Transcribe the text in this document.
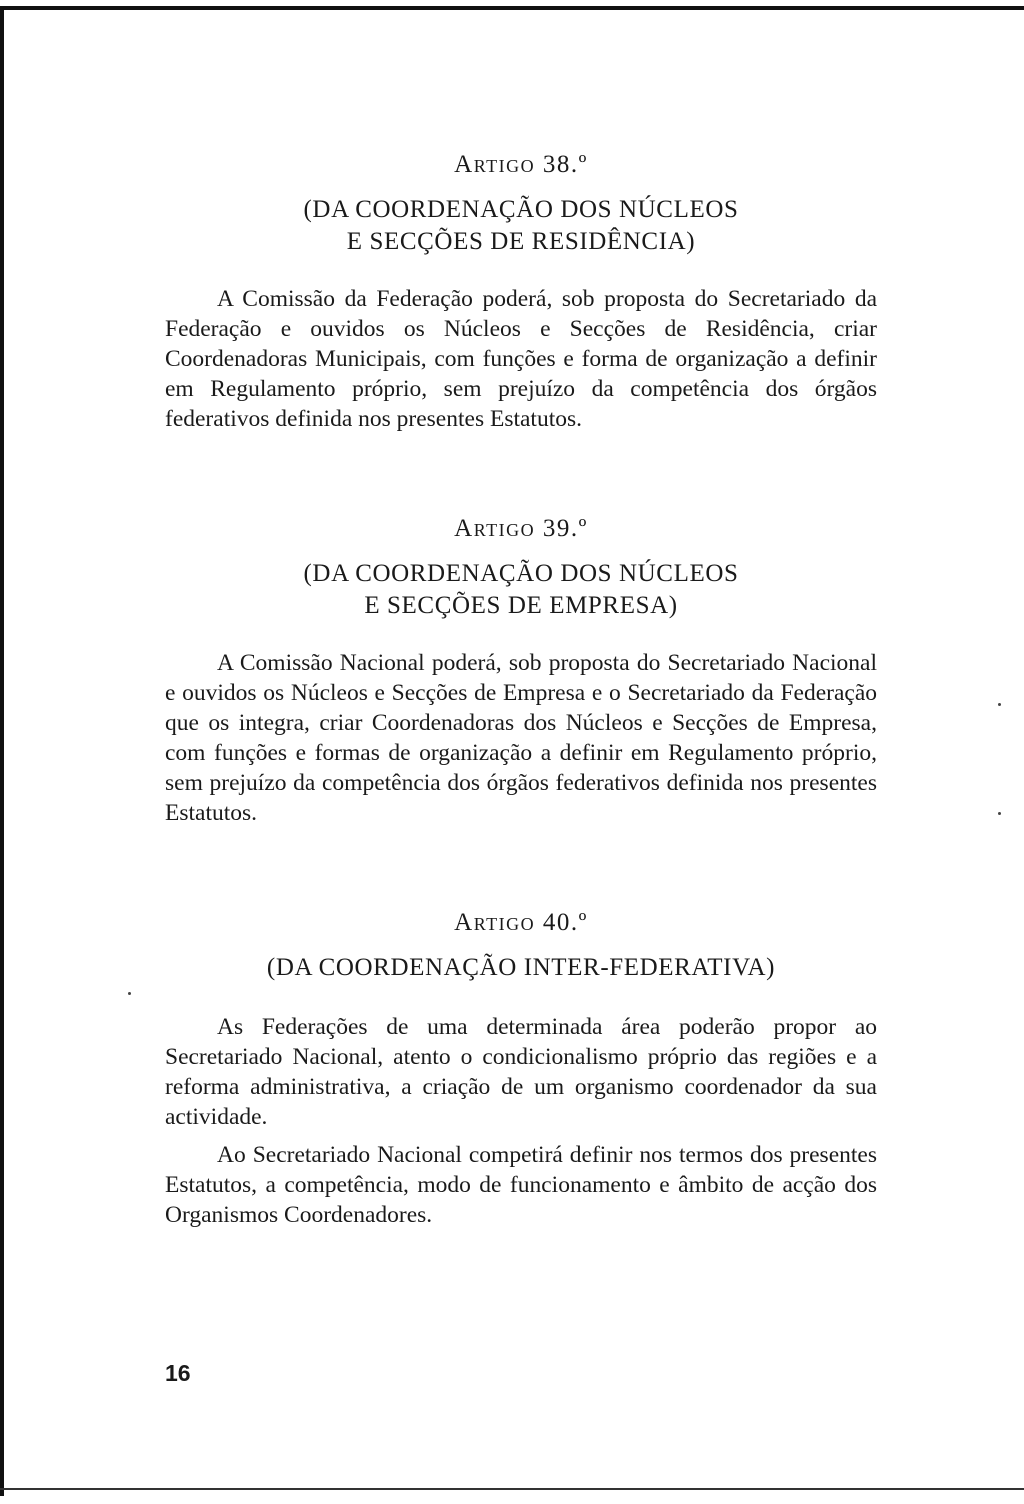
Artigo 38.º

(DA COORDENAÇÃO DOS NÚCLEOS
E SECÇÕES DE RESIDÊNCIA)

A Comissão da Federação poderá, sob proposta do Secretariado da Federação e ouvidos os Núcleos e Secções de Residência, criar Coordenadoras Municipais, com funções e forma de organização a definir em Regulamento próprio, sem prejuízo da competência dos órgãos federativos definida nos presentes Estatutos.

Artigo 39.º

(DA COORDENAÇÃO DOS NÚCLEOS
E SECÇÕES DE EMPRESA)

A Comissão Nacional poderá, sob proposta do Secretariado Nacional e ouvidos os Núcleos e Secções de Empresa e o Secretariado da Federação que os integra, criar Coordenadoras dos Núcleos e Secções de Empresa, com funções e formas de organização a definir em Regulamento próprio, sem prejuízo da competência dos órgãos federativos definida nos presentes Estatutos.

Artigo 40.º

(DA COORDENAÇÃO INTER-FEDERATIVA)

As Federações de uma determinada área poderão propor ao Secretariado Nacional, atento o condicionalismo próprio das regiões e a reforma administrativa, a criação de um organismo coordenador da sua actividade.

Ao Secretariado Nacional competirá definir nos termos dos presentes Estatutos, a competência, modo de funcionamento e âmbito de acção dos Organismos Coordenadores.

16
